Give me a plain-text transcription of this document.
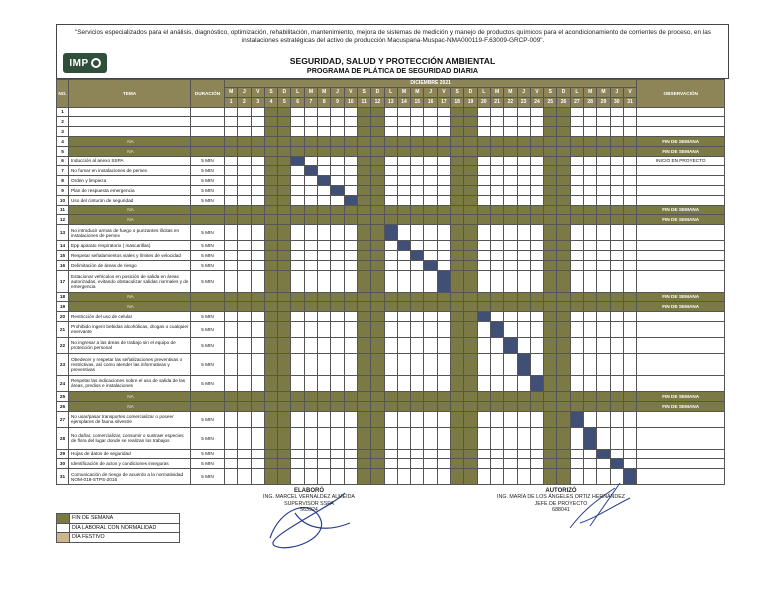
"Servicios especializados para el análisis, diagnóstico, optimización, rehabilitación, mantenimiento, mejora de sistemas de medición y manejo de productos químicos para el acondicionamiento de corrientes de proceso, en las instalaciones estratégicas del activo de producción Macuspana-Muspac-NMA000119-F.63009-GRCP-009".
IMP	SEGURIDAD, SALUD Y PROTECCIÓN AMBIENTAL
PROGRAMA DE PLÁTICA DE SEGURIDAD DIARIA
NO.	TEMA	DURACIÓN	DICIEMBRE 2021																															OBSERVACIÓN
			M	J	V	S	D	L	M	M	J	V	S	D	L	M	M	J	V	S	D	L	M	M	J	V	S	D	L	M	M	J	V	
			1	2	3	4	5	6	7	8	9	10	11	12	13	14	15	16	17	18	19	20	21	22	23	24	25	26	27	28	29	30	31	
1																																		
2																																		
3																																		
4	NA																																	FIN DE SEMANA
5	NA																																	FIN DE SEMANA
6	Inducción al anexo SSPA	5 MIN																																INICIO EN PROYECTO
7	No fumar en instalaciones de pemex	5 MIN																																
8	Orden y limpieza	5 MIN																																
9	Plan de respuesta emergencia	5 MIN																																
10	Uso del cinturón de seguridad	5 MIN																																
11	NA																																	FIN DE SEMANA
12	NA																																	FIN DE SEMANA
13	No introducir armas de fuego o punzantes ilícitas en instalaciones de pemex	5 MIN																																
14	Epp aparato respiratorio ( mascarillas)	5 MIN																																
15	Respetar señalamientos viales y límites de velocidad	5 MIN																																
16	Delimitación de áreas de riesgo	5 MIN																																
17	Estacionar vehículos en posición de salida en áreas autorizadas, evitando obstaculizar salidas normales y de emergencia	5 MIN																																
18	NA																																	FIN DE SEMANA
19	NA																																	FIN DE SEMANA
20	Restricción del uso de celular	5 MIN																																
21	Prohibido ingerir bebidas alcohólicas, drogas o cualquier enervante	5 MIN																																
22	No ingresar a las áreas de trabajo sin el equipo de protección personal	5 MIN																																
23	Obedecer y respetar las señalizaciones preventivas o restrictivas, así como atender las informativas y preventivas	5 MIN																																
24	Respetar las indicaciones sobre el uso de salida de las áreas, predios e instalaciones	5 MIN																																
25	NA																																	FIN DE SEMANA
26	NA																																	FIN DE SEMANA
27	No usar/pasar transportes comercializar o poseer ejemplares de fauna silvestre	5 MIN																																
28	No dañar, comercializar, consumir o sustraer especies de flora del lugar donde se realizan los trabajos	5 MIN																																
29	Hojas de datos de seguridad	5 MIN																																
30	Identificación de actos y condiciones inseguras	5 MIN																																
31	Comunicación de riesgo de acuerdo a la normatividad NOM-018-STPS-2015	5 MIN																																
	FIN DE SEMANA
	DÍA LABORAL CON NORMALIDAD
	DÍA FESTIVO
ELABORÓ
ING. MARCEL VERNALDEZ ALMEIDA
SUPERVISOR SSPA
563924
AUTORIZÓ
ING. MARÍA DE LOS ÁNGELES ORTIZ HERNÁNDEZ
JEFE DE PROYECTO
688041
